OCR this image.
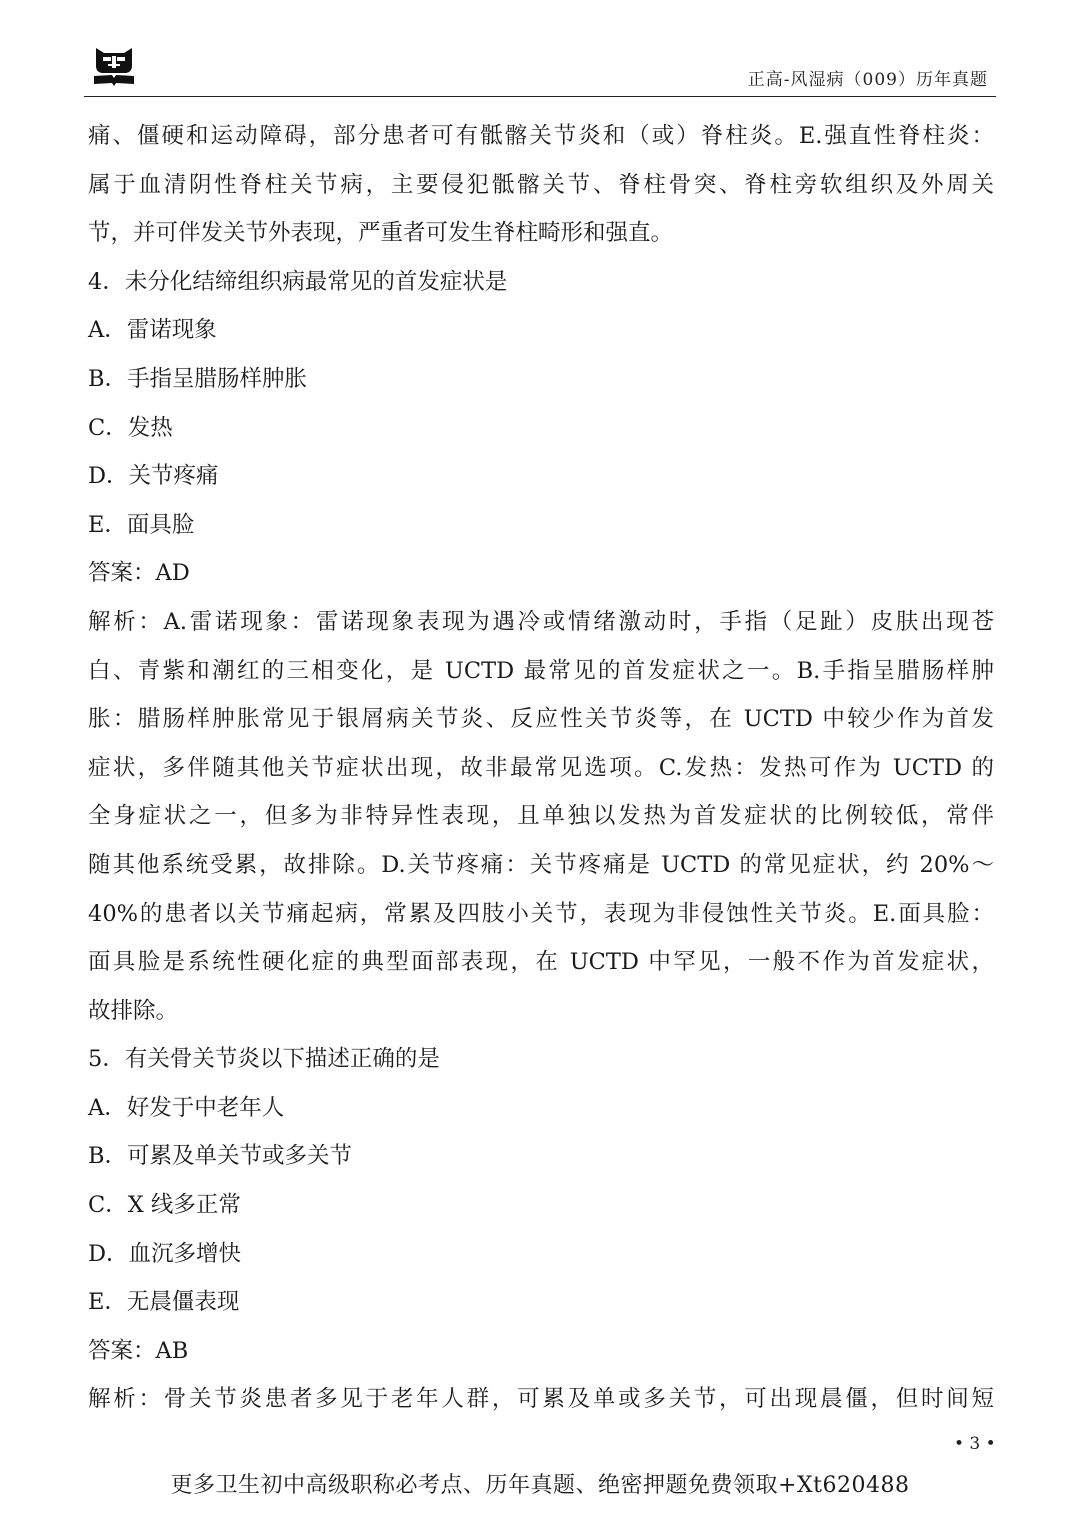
正高-风湿病（009）历年真题
痛、僵硬和运动障碍，部分患者可有骶髂关节炎和（或）脊柱炎。E.强直性脊柱炎：
属于血清阴性脊柱关节病，主要侵犯骶髂关节、脊柱骨突、脊柱旁软组织及外周关
节，并可伴发关节外表现，严重者可发生脊柱畸形和强直。
4．未分化结缔组织病最常见的首发症状是
A．雷诺现象
B．手指呈腊肠样肿胀
C．发热
D．关节疼痛
E．面具脸
答案：AD
解析：A.雷诺现象：雷诺现象表现为遇冷或情绪激动时，手指（足趾）皮肤出现苍
白、青紫和潮红的三相变化，是 UCTD 最常见的首发症状之一。B.手指呈腊肠样肿
胀：腊肠样肿胀常见于银屑病关节炎、反应性关节炎等，在 UCTD 中较少作为首发
症状，多伴随其他关节症状出现，故非最常见选项。C.发热：发热可作为 UCTD 的
全身症状之一，但多为非特异性表现，且单独以发热为首发症状的比例较低，常伴
随其他系统受累，故排除。D.关节疼痛：关节疼痛是 UCTD 的常见症状，约 20%～
40%的患者以关节痛起病，常累及四肢小关节，表现为非侵蚀性关节炎。E.面具脸：
面具脸是系统性硬化症的典型面部表现，在 UCTD 中罕见，一般不作为首发症状，
故排除。
5．有关骨关节炎以下描述正确的是
A．好发于中老年人
B．可累及单关节或多关节
C．X 线多正常
D．血沉多增快
E．无晨僵表现
答案：AB
解析：骨关节炎患者多见于老年人群，可累及单或多关节，可出现晨僵，但时间短
• 3 •
更多卫生初中高级职称必考点、历年真题、绝密押题免费领取+Xt620488
